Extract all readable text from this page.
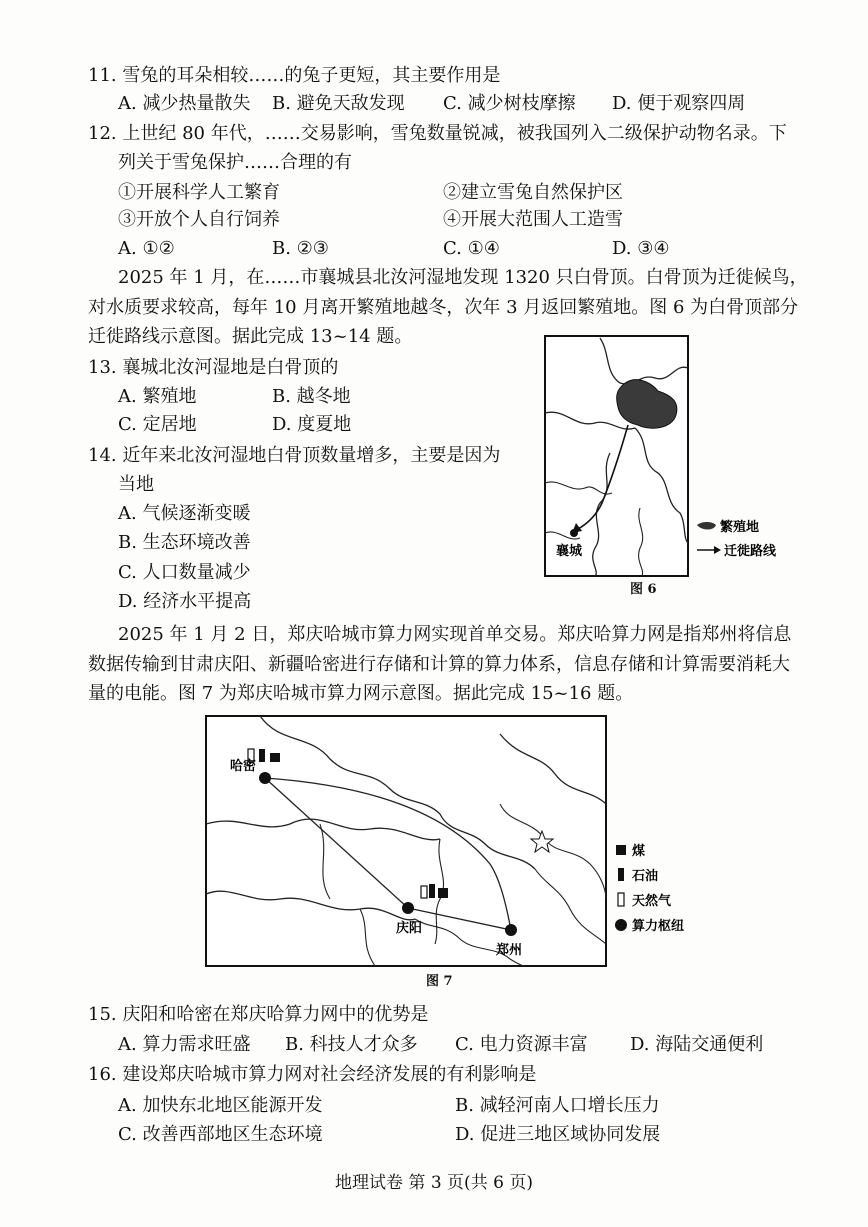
11. 雪兔的耳朵相较……的兔子更短，其主要作用是
A. 减少热量散失 B. 避免天敌发现 C. 减少树枝摩擦 D. 便于观察四周
12. 上世纪 80 年代，……交易影响，雪兔数量锐减，被我国列入二级保护动物名录。下
列关于雪兔保护……合理的有
①开展科学人工繁育	②建立雪兔自然保护区
③开放个人自行饲养	④开展大范围人工造雪
A. ①②	B. ②③	C. ①④	D. ③④
2025 年 1 月，在……市襄城县北汝河湿地发现 1320 只白骨顶。白骨顶为迁徙候鸟，
对水质要求较高，每年 10 月离开繁殖地越冬，次年 3 月返回繁殖地。图 6 为白骨顶部分
迁徙路线示意图。据此完成 13~14 题。
13. 襄城北汝河湿地是白骨顶的
A. 繁殖地	B. 越冬地
C. 定居地	D. 度夏地
14. 近年来北汝河湿地白骨顶数量增多，主要是因为
当地
A. 气候逐渐变暖
B. 生态环境改善
C. 人口数量减少
D. 经济水平提高
襄城
繁殖地
迁徙路线
图 6
2025 年 1 月 2 日，郑庆哈城市算力网实现首单交易。郑庆哈算力网是指郑州将信息
数据传输到甘肃庆阳、新疆哈密进行存储和计算的算力体系，信息存储和计算需要消耗大
量的电能。图 7 为郑庆哈城市算力网示意图。据此完成 15~16 题。
哈密
庆阳
郑州
煤
石油
天然气
算力枢纽
图 7
15. 庆阳和哈密在郑庆哈算力网中的优势是
A. 算力需求旺盛 B. 科技人才众多 C. 电力资源丰富 D. 海陆交通便利
16. 建设郑庆哈城市算力网对社会经济发展的有利影响是
A. 加快东北地区能源开发	B. 减轻河南人口增长压力
C. 改善西部地区生态环境	D. 促进三地区域协同发展
地理试卷 第 3 页(共 6 页)
